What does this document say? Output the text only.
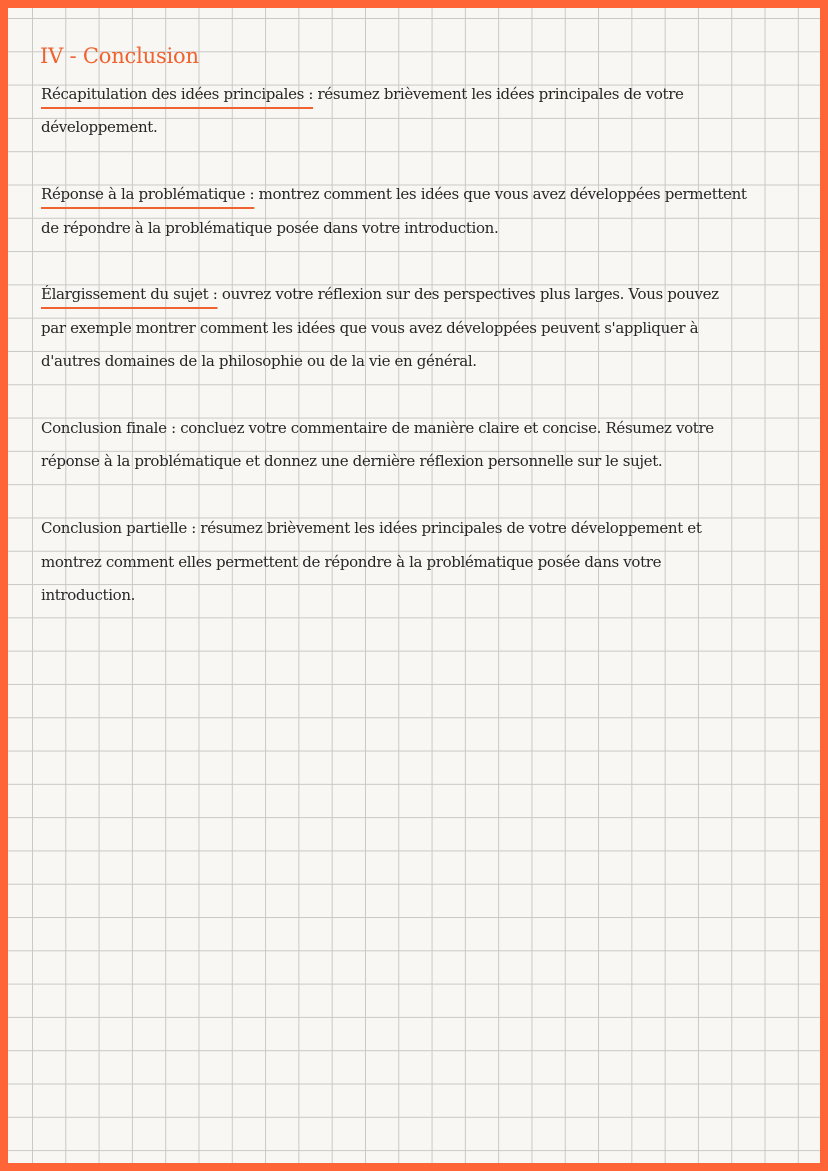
IV - Conclusion

Récapitulation des idées principales : résumez brièvement les idées principales de votre
développement.

Réponse à la problématique : montrez comment les idées que vous avez développées permettent
de répondre à la problématique posée dans votre introduction.

Élargissement du sujet : ouvrez votre réflexion sur des perspectives plus larges. Vous pouvez
par exemple montrer comment les idées que vous avez développées peuvent s'appliquer à
d'autres domaines de la philosophie ou de la vie en général.

Conclusion finale : concluez votre commentaire de manière claire et concise. Résumez votre
réponse à la problématique et donnez une dernière réflexion personnelle sur le sujet.

Conclusion partielle : résumez brièvement les idées principales de votre développement et
montrez comment elles permettent de répondre à la problématique posée dans votre
introduction.
